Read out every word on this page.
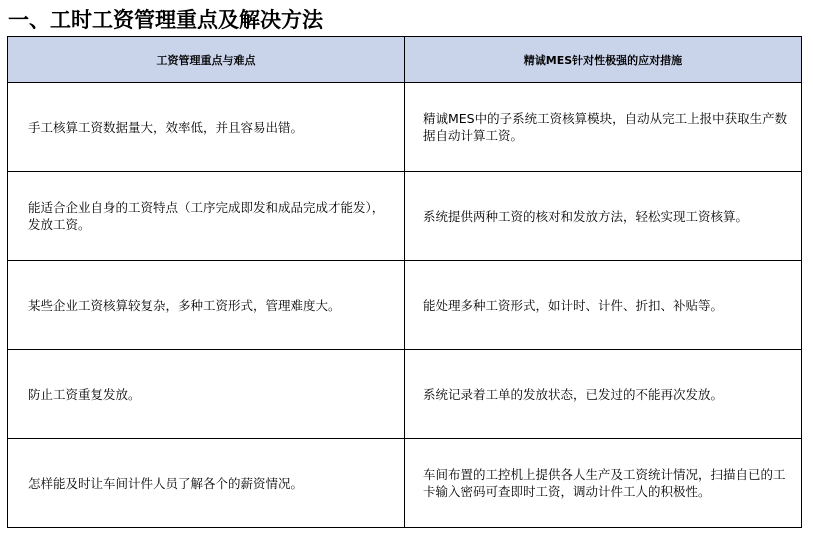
一、工时工资管理重点及解决方法
工资管理重点与难点	精诚MES针对性极强的应对措施
手工核算工资数据量大，效率低，并且容易出错。	精诚MES中的子系统工资核算模块，自动从完工上报中获取生产数据自动计算工资。
能适合企业自身的工资特点（工序完成即发和成品完成才能发），发放工资。	系统提供两种工资的核对和发放方法，轻松实现工资核算。
某些企业工资核算较复杂，多种工资形式，管理难度大。	能处理多种工资形式，如计时、计件、折扣、补贴等。
防止工资重复发放。	系统记录着工单的发放状态，已发过的不能再次发放。
怎样能及时让车间计件人员了解各个的薪资情况。	车间布置的工控机上提供各人生产及工资统计情况，扫描自已的工卡输入密码可查即时工资，调动计件工人的积极性。
